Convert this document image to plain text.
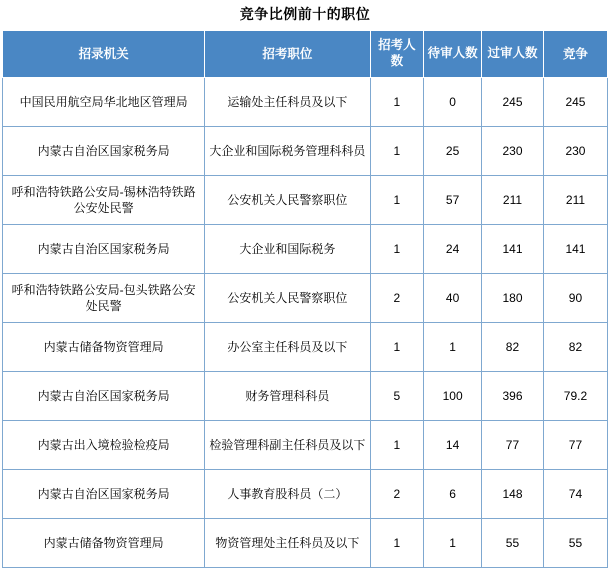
竞争比例前十的职位
招录机关	招考职位	招考人数	待审人数	过审人数	竞争
中国民用航空局华北地区管理局	运输处主任科员及以下	1	0	245	245
内蒙古自治区国家税务局	大企业和国际税务管理科科员	1	25	230	230
呼和浩特铁路公安局-锡林浩特铁路公安处民警	公安机关人民警察职位	1	57	211	211
内蒙古自治区国家税务局	大企业和国际税务	1	24	141	141
呼和浩特铁路公安局-包头铁路公安处民警	公安机关人民警察职位	2	40	180	90
内蒙古储备物资管理局	办公室主任科员及以下	1	1	82	82
内蒙古自治区国家税务局	财务管理科科员	5	100	396	79.2
内蒙古出入境检验检疫局	检验管理科副主任科员及以下	1	14	77	77
内蒙古自治区国家税务局	人事教育股科员（二）	2	6	148	74
内蒙古储备物资管理局	物资管理处主任科员及以下	1	1	55	55
